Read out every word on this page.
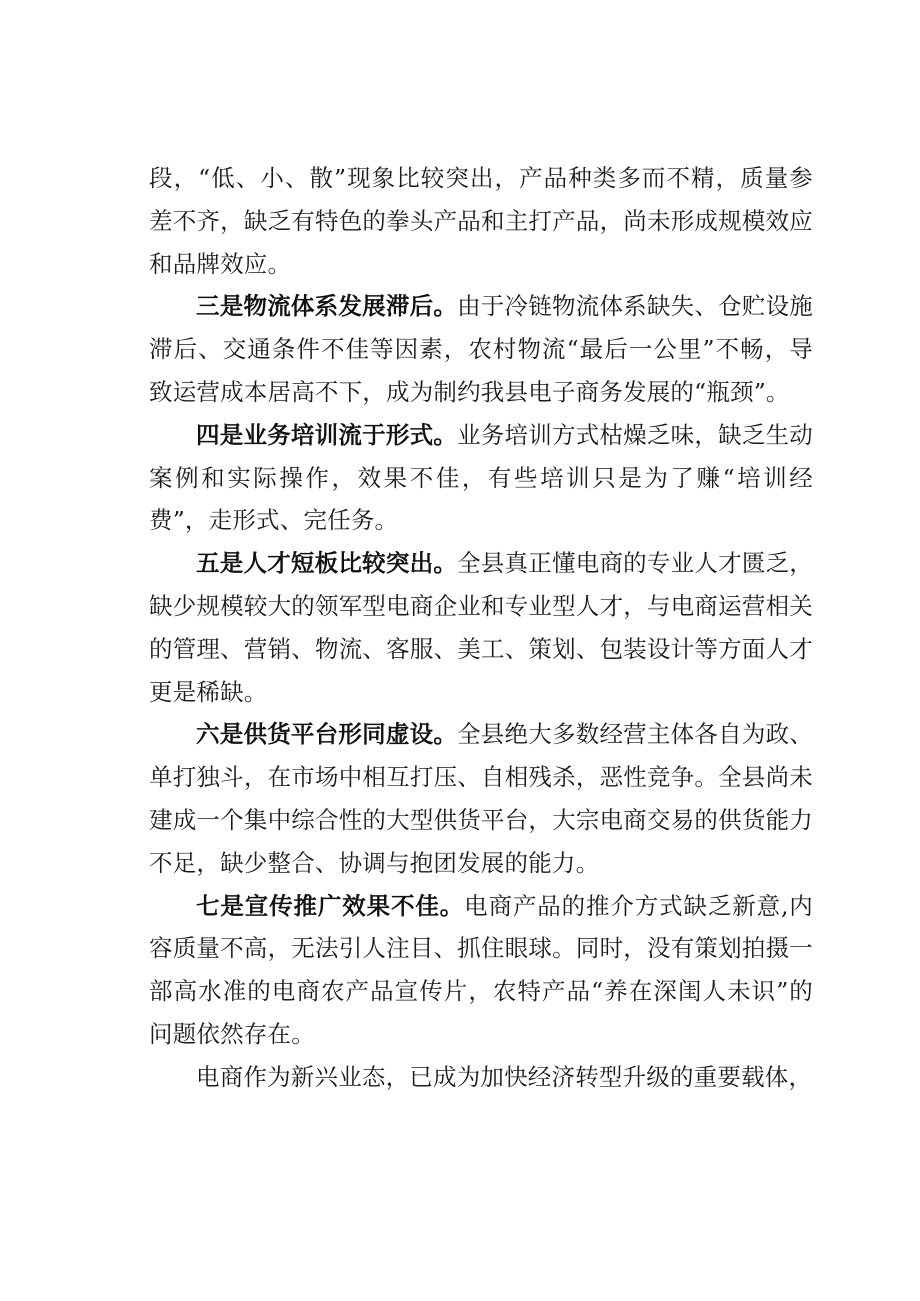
段，“低、小、散”现象比较突出，产品种类多而不精，质量参差不齐，缺乏有特色的拳头产品和主打产品，尚未形成规模效应和品牌效应。

三是物流体系发展滞后。由于冷链物流体系缺失、仓贮设施滞后、交通条件不佳等因素，农村物流“最后一公里”不畅，导致运营成本居高不下，成为制约我县电子商务发展的“瓶颈”。

四是业务培训流于形式。业务培训方式枯燥乏味，缺乏生动案例和实际操作，效果不佳，有些培训只是为了赚“培训经费”，走形式、完任务。

五是人才短板比较突出。全县真正懂电商的专业人才匮乏，缺少规模较大的领军型电商企业和专业型人才，与电商运营相关的管理、营销、物流、客服、美工、策划、包装设计等方面人才更是稀缺。

六是供货平台形同虚设。全县绝大多数经营主体各自为政、单打独斗，在市场中相互打压、自相残杀，恶性竞争。全县尚未建成一个集中综合性的大型供货平台，大宗电商交易的供货能力不足，缺少整合、协调与抱团发展的能力。

七是宣传推广效果不佳。电商产品的推介方式缺乏新意,内容质量不高，无法引人注目、抓住眼球。同时，没有策划拍摄一部高水准的电商农产品宣传片，农特产品“养在深闺人未识”的问题依然存在。

电商作为新兴业态，已成为加快经济转型升级的重要载体，
